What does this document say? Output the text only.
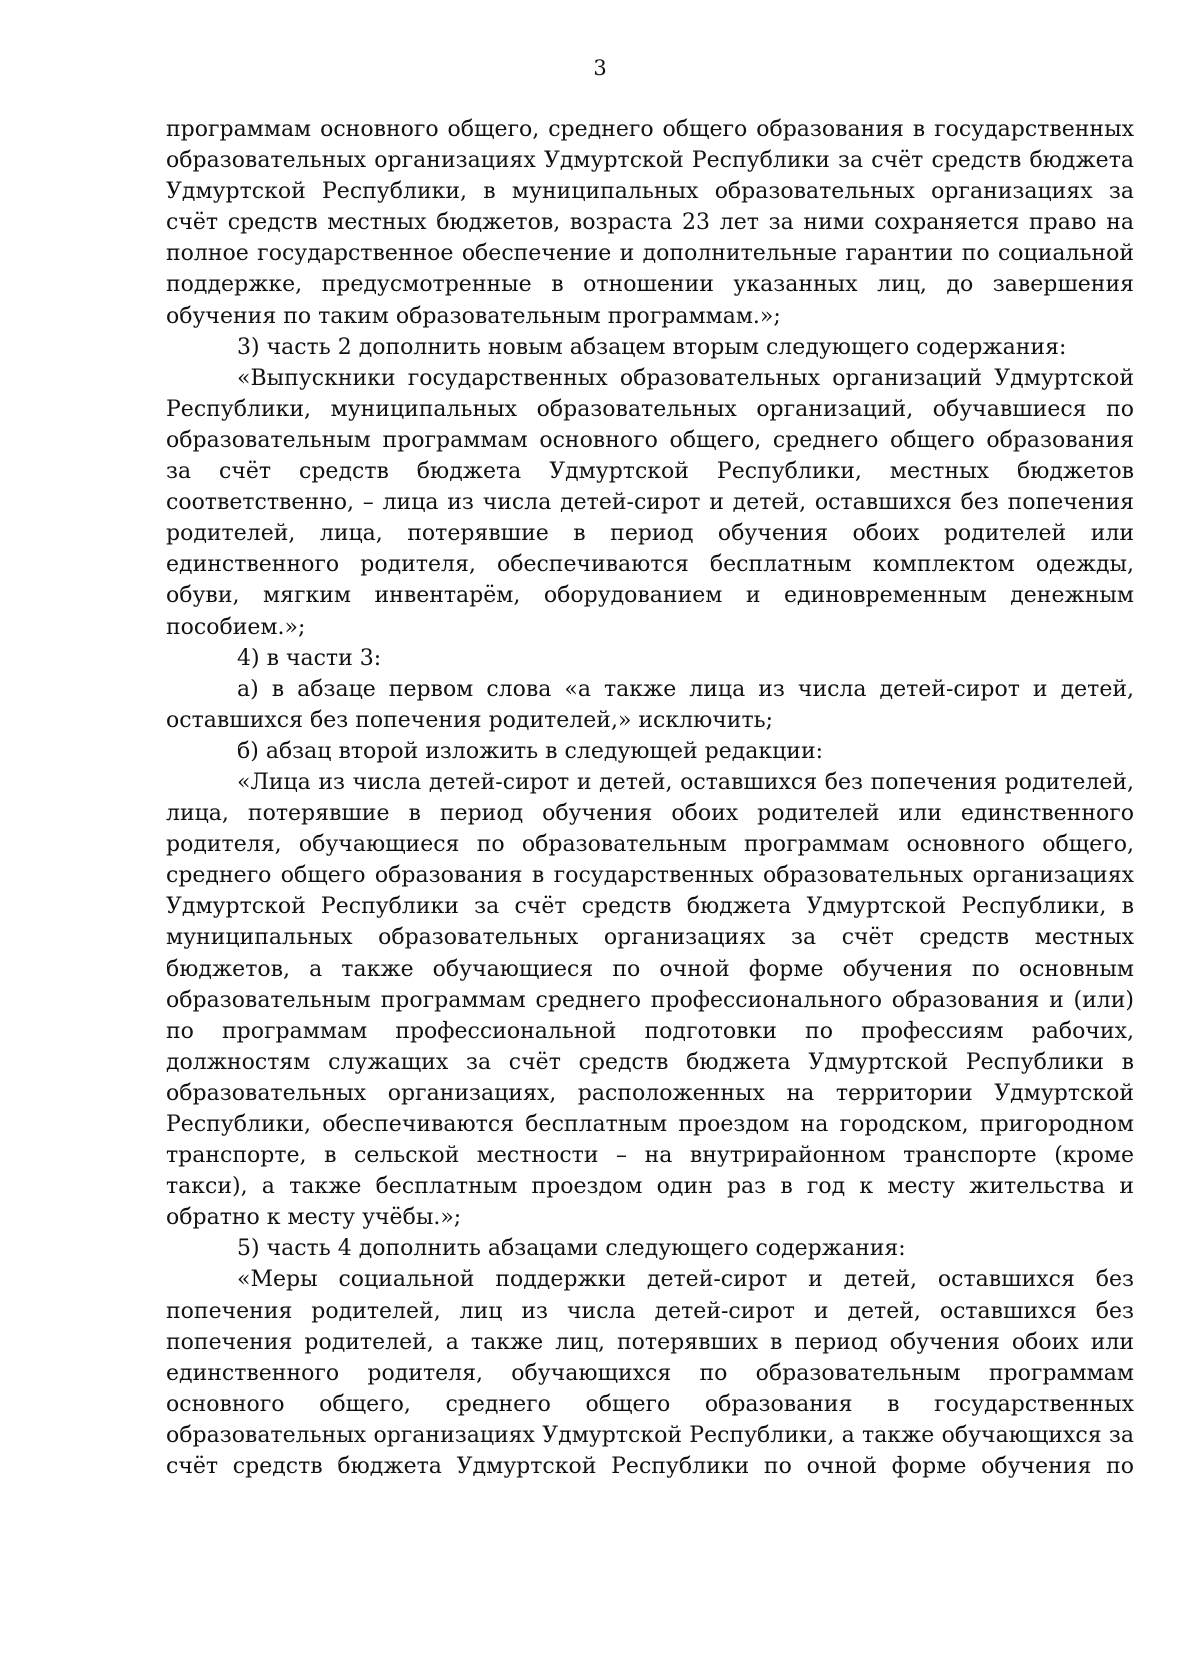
3

программам основного общего, среднего общего образования в государственных образовательных организациях Удмуртской Республики за счёт средств бюджета Удмуртской Республики, в муниципальных образовательных организациях за счёт средств местных бюджетов, возраста 23 лет за ними сохраняется право на полное государственное обеспечение и дополнительные гарантии по социальной поддержке, предусмотренные в отношении указанных лиц, до завершения обучения по таким образовательным программам.»;

3) часть 2 дополнить новым абзацем вторым следующего содержания:

«Выпускники государственных образовательных организаций Удмуртской Республики, муниципальных образовательных организаций, обучавшиеся по образовательным программам основного общего, среднего общего образования за счёт средств бюджета Удмуртской Республики, местных бюджетов соответственно, – лица из числа детей-сирот и детей, оставшихся без попечения родителей, лица, потерявшие в период обучения обоих родителей или единственного родителя, обеспечиваются бесплатным комплектом одежды, обуви, мягким инвентарём, оборудованием и единовременным денежным пособием.»;

4) в части 3:

а) в абзаце первом слова «а также лица из числа детей-сирот и детей, оставшихся без попечения родителей,» исключить;

б) абзац второй изложить в следующей редакции:

«Лица из числа детей-сирот и детей, оставшихся без попечения родителей, лица, потерявшие в период обучения обоих родителей или единственного родителя, обучающиеся по образовательным программам основного общего, среднего общего образования в государственных образовательных организациях Удмуртской Республики за счёт средств бюджета Удмуртской Республики, в муниципальных образовательных организациях за счёт средств местных бюджетов, а также обучающиеся по очной форме обучения по основным образовательным программам среднего профессионального образования и (или) по программам профессиональной подготовки по профессиям рабочих, должностям служащих за счёт средств бюджета Удмуртской Республики в образовательных организациях, расположенных на территории Удмуртской Республики, обеспечиваются бесплатным проездом на городском, пригородном транспорте, в сельской местности – на внутрирайонном транспорте (кроме такси), а также бесплатным проездом один раз в год к месту жительства и обратно к месту учёбы.»;

5) часть 4 дополнить абзацами следующего содержания:

«Меры социальной поддержки детей-сирот и детей, оставшихся без попечения родителей, лиц из числа детей-сирот и детей, оставшихся без попечения родителей, а также лиц, потерявших в период обучения обоих или единственного родителя, обучающихся по образовательным программам основного общего, среднего общего образования в государственных образовательных организациях Удмуртской Республики, а также обучающихся за счёт средств бюджета Удмуртской Республики по очной форме обучения по
